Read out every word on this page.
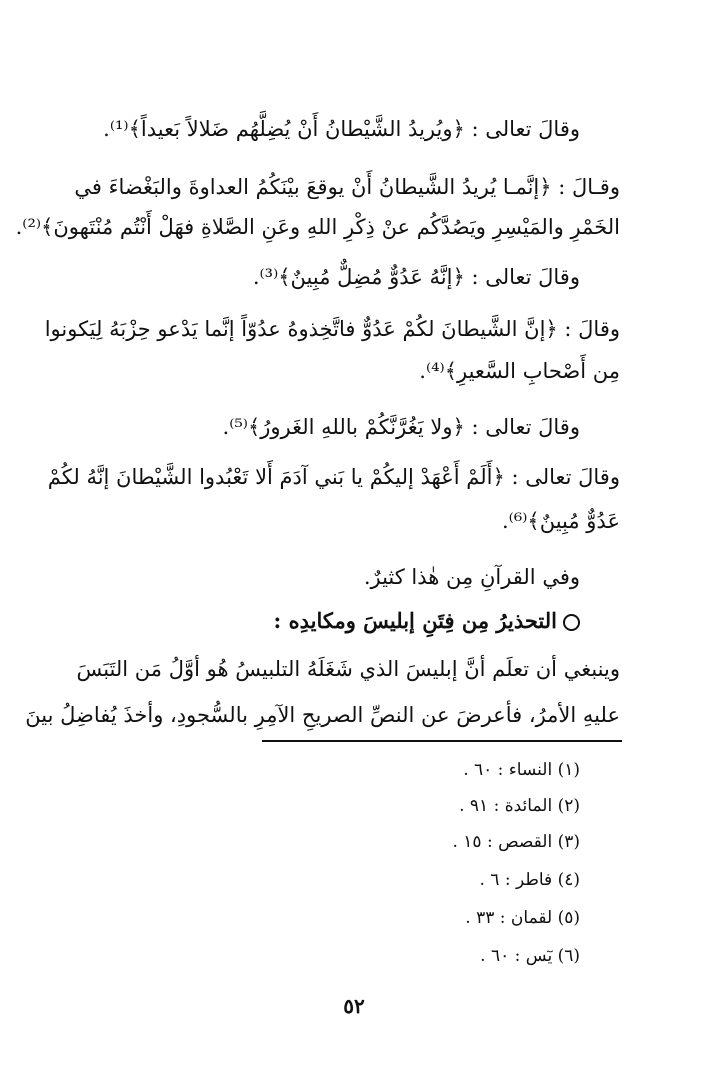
وقالَ تعالى : ﴿ويُريدُ الشَّيْطانُ أَنْ يُضِلَّهُم ضَلالاً بَعيداً﴾⁽¹⁾.
وقـالَ : ﴿إنَّمـا يُريدُ الشَّيطانُ أَنْ يوقعَ بيْنَكُمُ العداوةَ والبَغْضاءَ في
الخَمْرِ والمَيْسِرِ ويَصُدَّكُم عنْ ذِكْرِ اللهِ وعَنِ الصَّلاةِ فهَلْ أَنْتُم مُنْتَهونَ﴾⁽²⁾.
وقالَ تعالى : ﴿إنَّهُ عَدُوٌّ مُضِلٌّ مُبِينٌ﴾⁽³⁾.
وقالَ : ﴿إنَّ الشَّيطانَ لكُمْ عَدُوٌّ فاتَّخِذوهُ عدُوّاً إنَّما يَدْعو حِزْبَهُ لِيَكونوا
مِن أَصْحابِ السَّعيرِ﴾⁽⁴⁾.
وقالَ تعالى : ﴿ولا يَغُرَّنَّكُمْ باللهِ الغَرورُ﴾⁽⁵⁾.
وقالَ تعالى : ﴿أَلَمْ أَعْهَدْ إليكُمْ يا بَني آدَمَ أَلا تَعْبُدوا الشَّيْطانَ إنَّهُ لكُمْ
عَدُوٌّ مُبِينٌ﴾⁽⁶⁾.
وفي القرآنِ مِن هٰذا كثيرٌ.
التحذيرُ مِن فِتَنِ إبليسَ ومكايدِه :
وينبغي أن تعلَم أنَّ إبليسَ الذي شَغَلَهُ التلبيسُ هُو أوَّلُ مَن التَبَسَ
عليهِ الأمرُ، فأعرضَ عن النصِّ الصريحِ الآمِرِ بالسُّجودِ، وأخذَ يُفاضِلُ بينَ
(١) النساء : ٦٠ .
(٢) المائدة : ٩١ .
(٣) القصص : ١٥ .
(٤) فاطر : ٦ .
(٥) لقمان : ٣٣ .
(٦) يٓس : ٦٠ .
٥٢
